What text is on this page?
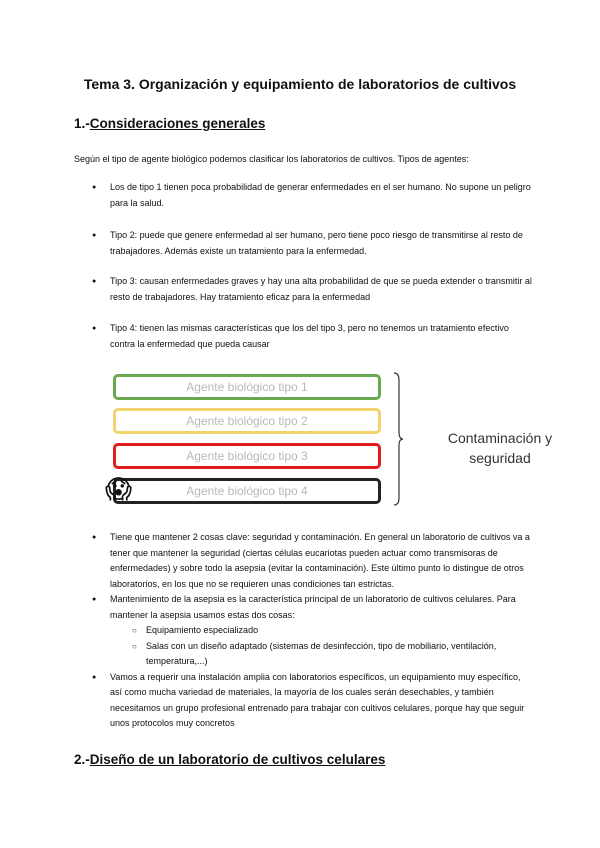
Tema 3. Organización y equipamiento de laboratorios de cultivos
1.-Consideraciones generales
Según el tipo de agente biológico podemos clasificar los laboratorios de cultivos. Tipos de agentes:
● Los de tipo 1 tienen poca probabilidad de generar enfermedades en el ser humano. No supone un peligro para la salud.
● Tipo 2: puede que genere enfermedad al ser humano, pero tiene poco riesgo de transmitirse al resto de trabajadores. Además existe un tratamiento para la enfermedad.
● Tipo 3: causan enfermedades graves y hay una alta probabilidad de que se pueda extender o transmitir al resto de trabajadores. Hay tratamiento eficaz para la enfermedad
● Tipo 4: tienen las mismas características que los del tipo 3, pero no tenemos un tratamiento efectivo contra la enfermedad que pueda causar
Agente biológico tipo 1
Agente biológico tipo 2
Agente biológico tipo 3
Agente biológico tipo 4
Contaminación y seguridad
😱
● Tiene que mantener 2 cosas clave: seguridad y contaminación. En general un laboratorio de cultivos va a tener que mantener la seguridad (ciertas células eucariotas pueden actuar como transmisoras de enfermedades) y sobre todo la asepsia (evitar la contaminación). Este último punto lo distingue de otros laboratorios, en los que no se requieren unas condiciones tan estrictas.
● Mantenimiento de la asepsia es la característica principal de un laboratorio de cultivos celulares. Para mantener la asepsia usamos estas dos cosas:
○ Equipamiento especializado
○ Salas con un diseño adaptado (sistemas de desinfección, tipo de mobiliario, ventilación, temperatura,...)
● Vamos a requerir una instalación amplia con laboratorios específicos, un equipamiento muy específico, así como mucha variedad de materiales, la mayoría de los cuales serán desechables, y también necesitamos un grupo profesional entrenado para trabajar con cultivos celulares, porque hay que seguir unos protocolos muy concretos
2.-Diseño de un laboratorio de cultivos celulares
